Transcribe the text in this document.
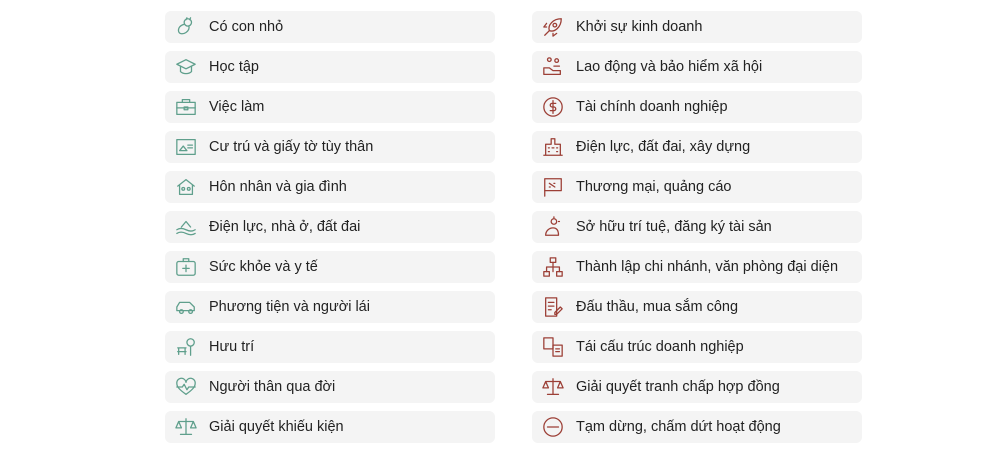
Có con nhỏ
Học tập
Việc làm
Cư trú và giấy tờ tùy thân
Hôn nhân và gia đình
Điện lực, nhà ở, đất đai
Sức khỏe và y tế
Phương tiện và người lái
Hưu trí
Người thân qua đời
Giải quyết khiếu kiện
Khởi sự kinh doanh
Lao động và bảo hiểm xã hội
Tài chính doanh nghiệp
Điện lực, đất đai, xây dựng
Thương mại, quảng cáo
Sở hữu trí tuệ, đăng ký tài sản
Thành lập chi nhánh, văn phòng đại diện
Đấu thầu, mua sắm công
Tái cấu trúc doanh nghiệp
Giải quyết tranh chấp hợp đồng
Tạm dừng, chấm dứt hoạt động
